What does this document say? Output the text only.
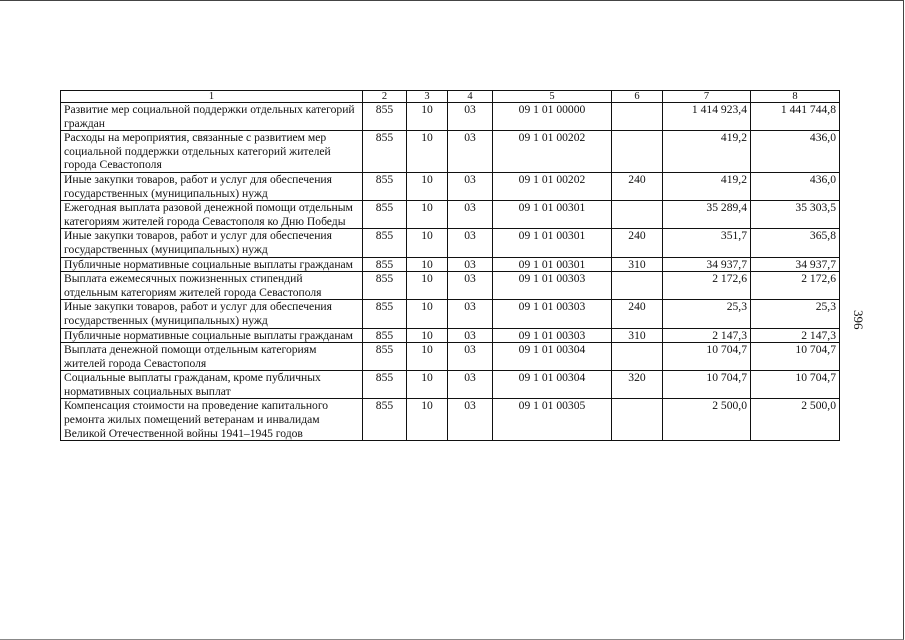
1	2	3	4	5	6	7	8
Развитие мер социальной поддержки отдельных категорий граждан	855	10	03	09 1 01 00000		1 414 923,4	1 441 744,8
Расходы на мероприятия, связанные с развитием мер социальной поддержки отдельных категорий жителей города Севастополя	855	10	03	09 1 01 00202		419,2	436,0
Иные закупки товаров, работ и услуг для обеспечения государственных (муниципальных) нужд	855	10	03	09 1 01 00202	240	419,2	436,0
Ежегодная выплата разовой денежной помощи отдельным категориям жителей города Севастополя ко Дню Победы	855	10	03	09 1 01 00301		35 289,4	35 303,5
Иные закупки товаров, работ и услуг для обеспечения государственных (муниципальных) нужд	855	10	03	09 1 01 00301	240	351,7	365,8
Публичные нормативные социальные выплаты гражданам	855	10	03	09 1 01 00301	310	34 937,7	34 937,7
Выплата ежемесячных пожизненных стипендий отдельным категориям жителей города Севастополя	855	10	03	09 1 01 00303		2 172,6	2 172,6
Иные закупки товаров, работ и услуг для обеспечения государственных (муниципальных) нужд	855	10	03	09 1 01 00303	240	25,3	25,3
Публичные нормативные социальные выплаты гражданам	855	10	03	09 1 01 00303	310	2 147,3	2 147,3
Выплата денежной помощи отдельным категориям жителей города Севастополя	855	10	03	09 1 01 00304		10 704,7	10 704,7
Социальные выплаты гражданам, кроме публичных нормативных социальных выплат	855	10	03	09 1 01 00304	320	10 704,7	10 704,7
Компенсация стоимости на проведение капитального ремонта жилых помещений ветеранам и инвалидам Великой Отечественной войны 1941–1945 годов	855	10	03	09 1 01 00305		2 500,0	2 500,0
396
